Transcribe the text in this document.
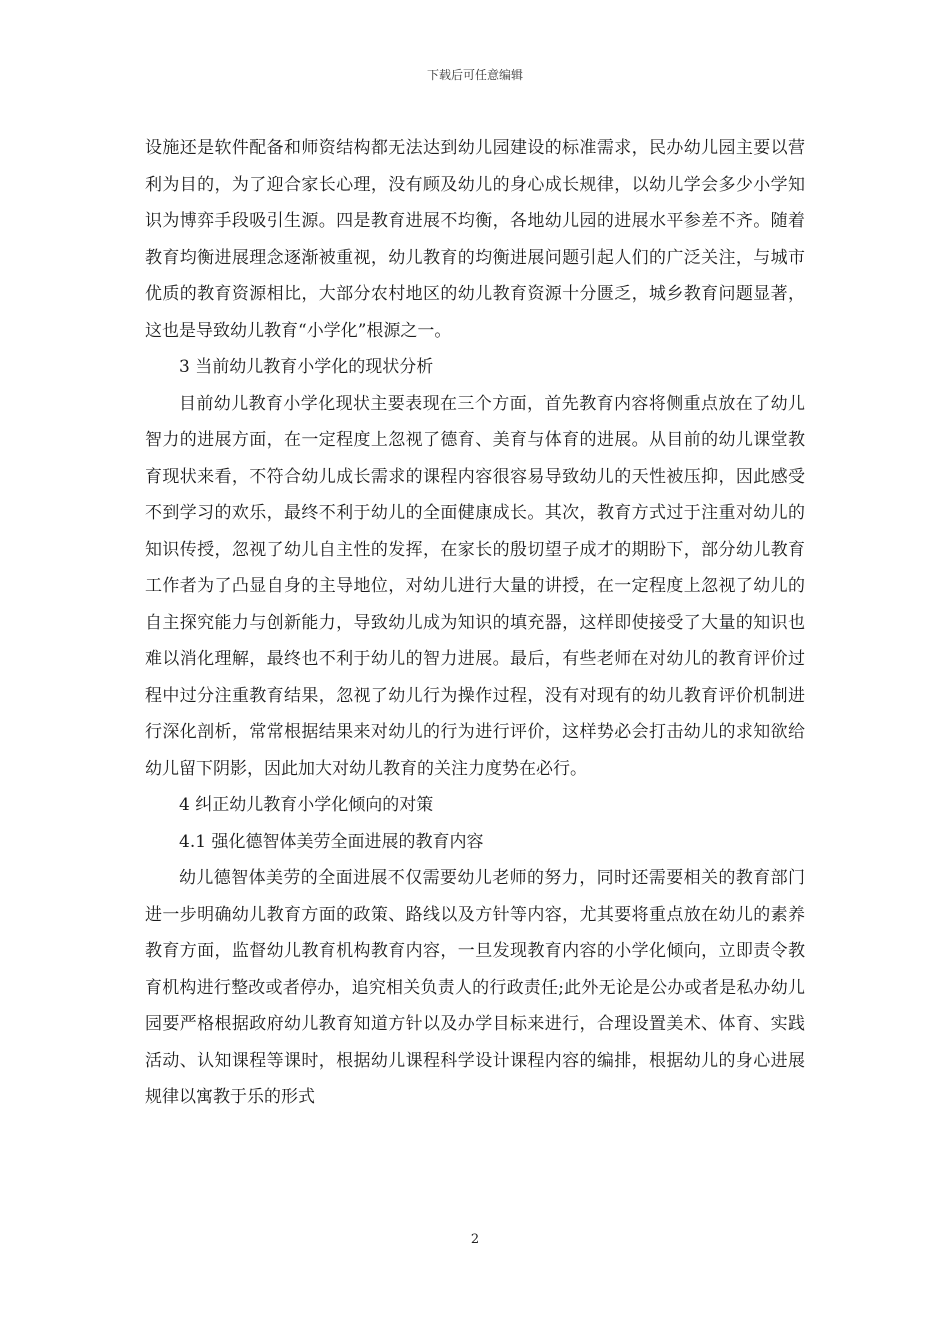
下载后可任意编辑

设施还是软件配备和师资结构都无法达到幼儿园建设的标准需求，民办幼儿园主要以营利为目的，为了迎合家长心理，没有顾及幼儿的身心成长规律，以幼儿学会多少小学知识为博弈手段吸引生源。四是教育进展不均衡，各地幼儿园的进展水平参差不齐。随着教育均衡进展理念逐渐被重视，幼儿教育的均衡进展问题引起人们的广泛关注，与城市优质的教育资源相比，大部分农村地区的幼儿教育资源十分匮乏，城乡教育问题显著，这也是导致幼儿教育“小学化”根源之一。

3 当前幼儿教育小学化的现状分析

目前幼儿教育小学化现状主要表现在三个方面，首先教育内容将侧重点放在了幼儿智力的进展方面，在一定程度上忽视了德育、美育与体育的进展。从目前的幼儿课堂教育现状来看，不符合幼儿成长需求的课程内容很容易导致幼儿的天性被压抑，因此感受不到学习的欢乐，最终不利于幼儿的全面健康成长。其次，教育方式过于注重对幼儿的知识传授，忽视了幼儿自主性的发挥，在家长的殷切望子成才的期盼下，部分幼儿教育工作者为了凸显自身的主导地位，对幼儿进行大量的讲授，在一定程度上忽视了幼儿的自主探究能力与创新能力，导致幼儿成为知识的填充器，这样即使接受了大量的知识也难以消化理解，最终也不利于幼儿的智力进展。最后，有些老师在对幼儿的教育评价过程中过分注重教育结果，忽视了幼儿行为操作过程，没有对现有的幼儿教育评价机制进行深化剖析，常常根据结果来对幼儿的行为进行评价，这样势必会打击幼儿的求知欲给幼儿留下阴影，因此加大对幼儿教育的关注力度势在必行。

4 纠正幼儿教育小学化倾向的对策

4.1 强化德智体美劳全面进展的教育内容

幼儿德智体美劳的全面进展不仅需要幼儿老师的努力，同时还需要相关的教育部门进一步明确幼儿教育方面的政策、路线以及方针等内容，尤其要将重点放在幼儿的素养教育方面，监督幼儿教育机构教育内容，一旦发现教育内容的小学化倾向，立即责令教育机构进行整改或者停办，追究相关负责人的行政责任;此外无论是公办或者是私办幼儿园要严格根据政府幼儿教育知道方针以及办学目标来进行，合理设置美术、体育、实践活动、认知课程等课时，根据幼儿课程科学设计课程内容的编排，根据幼儿的身心进展规律以寓教于乐的形式

2
